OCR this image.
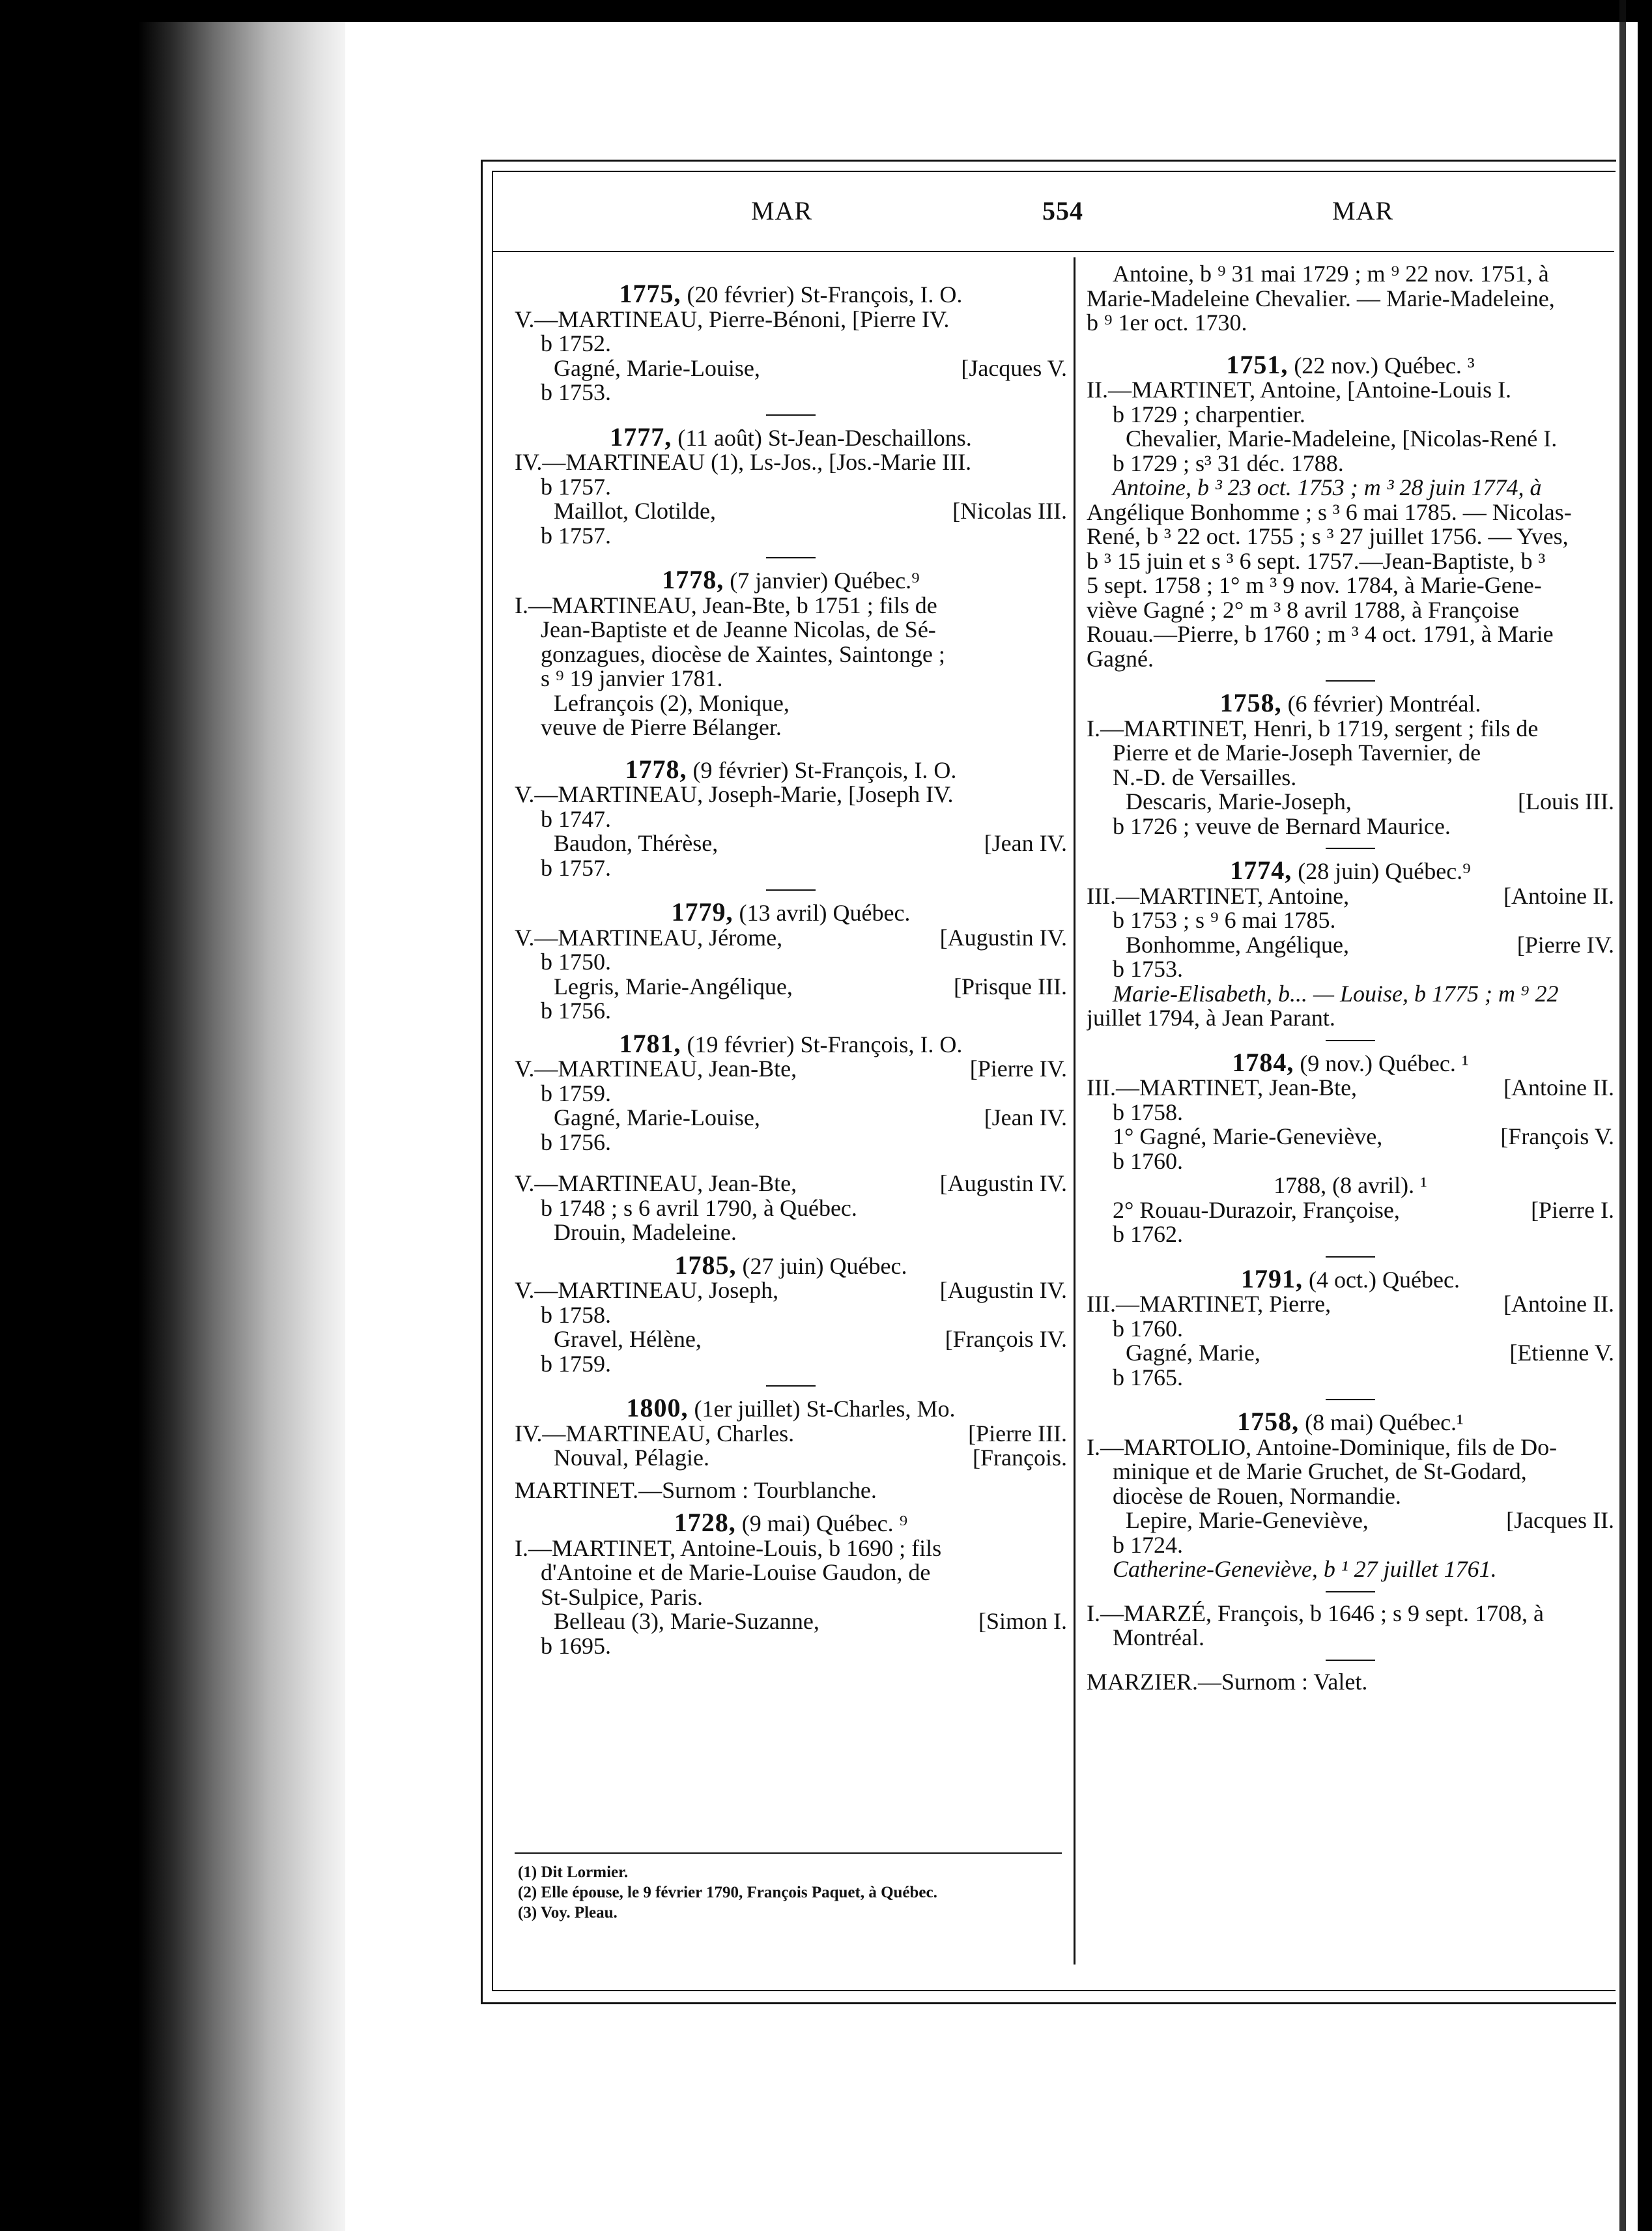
MAR	554	MAR

1775, (20 février) St-François, I. O.

V.—MARTINEAU, Pierre-Bénoni, [Pierre IV.

b 1752.

Gagné, Marie-Louise,	[Jacques V.

b 1753.

1777, (11 août) St-Jean-Deschaillons.

IV.—MARTINEAU (1), Ls-Jos., [Jos.-Marie III.

b 1757.

Maillot, Clotilde,	[Nicolas III.

b 1757.

1778, (7 janvier) Québec.⁹

I.—MARTINEAU, Jean-Bte, b 1751 ; fils de

Jean-Baptiste et de Jeanne Nicolas, de Sé-

gonzagues, diocèse de Xaintes, Saintonge ;

s ⁹ 19 janvier 1781.

Lefrançois (2), Monique,

veuve de Pierre Bélanger.

1778, (9 février) St-François, I. O.

V.—MARTINEAU, Joseph-Marie, [Joseph IV.

b 1747.

Baudon, Thérèse,	[Jean IV.

b 1757.

1779, (13 avril) Québec.

V.—MARTINEAU, Jérome,	[Augustin IV.

b 1750.

Legris, Marie-Angélique,	[Prisque III.

b 1756.

1781, (19 février) St-François, I. O.

V.—MARTINEAU, Jean-Bte,	[Pierre IV.

b 1759.

Gagné, Marie-Louise,	[Jean IV.

b 1756.

V.—MARTINEAU, Jean-Bte,	[Augustin IV.

b 1748 ; s 6 avril 1790, à Québec.

Drouin, Madeleine.

1785, (27 juin) Québec.

V.—MARTINEAU, Joseph,	[Augustin IV.

b 1758.

Gravel, Hélène,	[François IV.

b 1759.

1800, (1er juillet) St-Charles, Mo.

IV.—MARTINEAU, Charles.	[Pierre III.
Nouval, Pélagie.	[François.

MARTINET.—Surnom : Tourblanche.

1728, (9 mai) Québec. ⁹

I.—MARTINET, Antoine-Louis, b 1690 ; fils

d'Antoine et de Marie-Louise Gaudon, de

St-Sulpice, Paris.

Belleau (3), Marie-Suzanne,	[Simon I.

b 1695.

(1) Dit Lormier.

(2) Elle épouse, le 9 février 1790, François Paquet, à Québec.

(3) Voy. Pleau.

Antoine, b ⁹ 31 mai 1729 ; m ⁹ 22 nov. 1751, à

Marie-Madeleine Chevalier. — Marie-Madeleine,

b ⁹ 1er oct. 1730.

1751, (22 nov.) Québec. ³

II.—MARTINET, Antoine, [Antoine-Louis I.

b 1729 ; charpentier.

Chevalier, Marie-Madeleine, [Nicolas-René I.

b 1729 ; s³ 31 déc. 1788.

Antoine, b ³ 23 oct. 1753 ; m ³ 28 juin 1774, à

Angélique Bonhomme ; s ³ 6 mai 1785. — Nicolas-

René, b ³ 22 oct. 1755 ; s ³ 27 juillet 1756. — Yves,

b ³ 15 juin et s ³ 6 sept. 1757.—Jean-Baptiste, b ³

5 sept. 1758 ; 1° m ³ 9 nov. 1784, à Marie-Gene-

viève Gagné ; 2° m ³ 8 avril 1788, à Françoise

Rouau.—Pierre, b 1760 ; m ³ 4 oct. 1791, à Marie

Gagné.

1758, (6 février) Montréal.

I.—MARTINET, Henri, b 1719, sergent ; fils de

Pierre et de Marie-Joseph Tavernier, de

N.-D. de Versailles.

Descaris, Marie-Joseph,	[Louis III.

b 1726 ; veuve de Bernard Maurice.

1774, (28 juin) Québec.⁹

III.—MARTINET, Antoine,	[Antoine II.

b 1753 ; s ⁹ 6 mai 1785.

Bonhomme, Angélique,	[Pierre IV.

b 1753.

Marie-Elisabeth, b... — Louise, b 1775 ; m ⁹ 22

juillet 1794, à Jean Parant.

1784, (9 nov.) Québec. ¹

III.—MARTINET, Jean-Bte,	[Antoine II.

b 1758.

1° Gagné, Marie-Geneviève,	[François V.

b 1760.

1788, (8 avril). ¹

2° Rouau-Durazoir, Françoise,	[Pierre I.

b 1762.

1791, (4 oct.) Québec.

III.—MARTINET, Pierre,	[Antoine II.

b 1760.

Gagné, Marie,	[Etienne V.

b 1765.

1758, (8 mai) Québec.¹

I.—MARTOLIO, Antoine-Dominique, fils de Do-

minique et de Marie Gruchet, de St-Godard,

diocèse de Rouen, Normandie.

Lepire, Marie-Geneviève,	[Jacques II.

b 1724.

Catherine-Geneviève, b ¹ 27 juillet 1761.

I.—MARZÉ, François, b 1646 ; s 9 sept. 1708, à

Montréal.

MARZIER.—Surnom : Valet.
